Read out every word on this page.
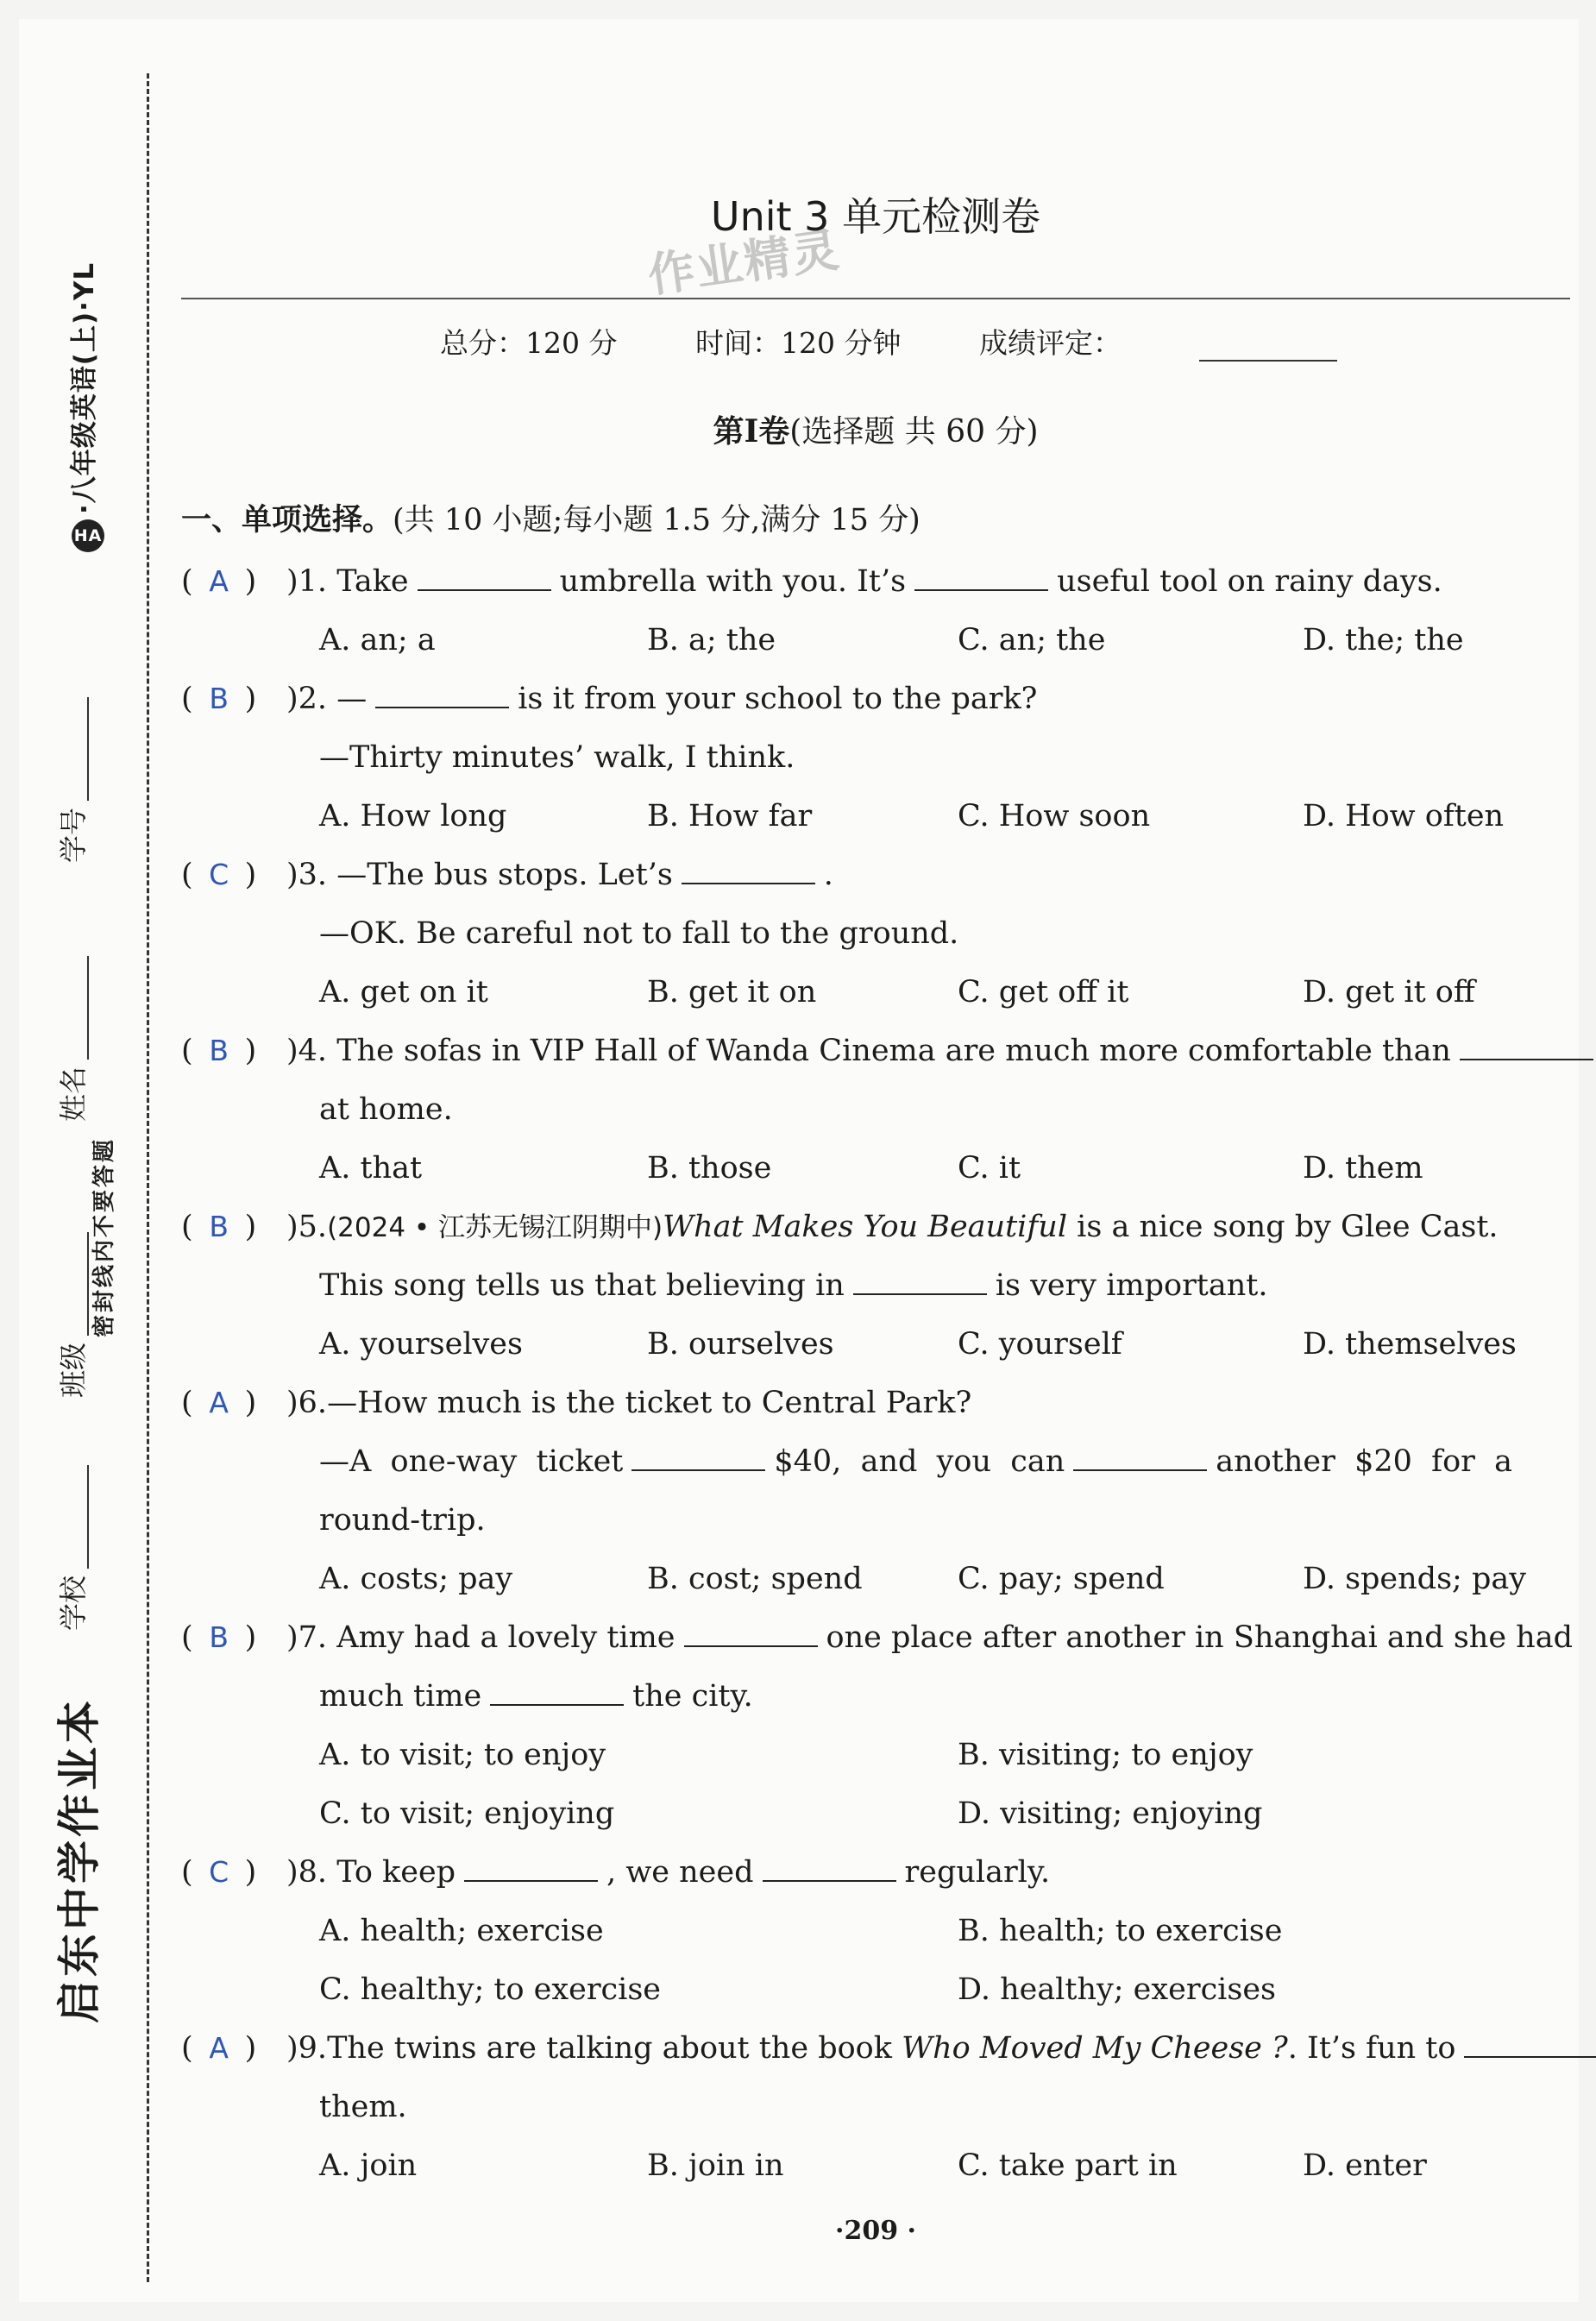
HA·八年级英语(上)·YL
学校
班级
姓名
学号
密封线内不要答题
启东中学作业本
作业精灵
Unit 3 单元检测卷
总分：120 分	时间：120 分钟	成绩评定：
第Ⅰ卷(选择题 共 60 分)
一、单项选择。(共 10 小题;每小题 1.5 分,满分 15 分)
( A ) )1. Take	umbrella with you. It’s	useful tool on rainy days.
A. an; a	B. a; the	C. an; the	D. the; the
( B ) )2. —	is it from your school to the park?
—Thirty minutes’ walk, I think.
A. How long	B. How far	C. How soon	D. How often
( C ) )3. —The bus stops. Let’s	.
—OK. Be careful not to fall to the ground.
A. get on it	B. get it on	C. get off it	D. get it off
( B ) )4. The sofas in VIP Hall of Wanda Cinema are much more comfortable than
at home.
A. that	B. those	C. it	D. them
( B ) )5.(2024 • 江苏无锡江阴期中)What Makes You Beautiful is a nice song by Glee Cast.
This song tells us that believing in	is very important.
A. yourselves	B. ourselves	C. yourself	D. themselves
( A ) )6.—How much is the ticket to Central Park?
—A  one-way  ticket	$40,  and  you  can	another  $20  for  a
round-trip.
A. costs; pay	B. cost; spend	C. pay; spend	D. spends; pay
( B ) )7. Amy had a lovely time	one place after another in Shanghai and she had
much time	the city.
A. to visit; to enjoy	B. visiting; to enjoy
C. to visit; enjoying	D. visiting; enjoying
( C ) )8. To keep	, we need	regularly.
A. health; exercise	B. health; to exercise
C. healthy; to exercise	D. healthy; exercises
( A ) )9.The twins are talking about the book Who Moved My Cheese ?. It’s fun to
them.
A. join	B. join in	C. take part in	D. enter
·209 ·
